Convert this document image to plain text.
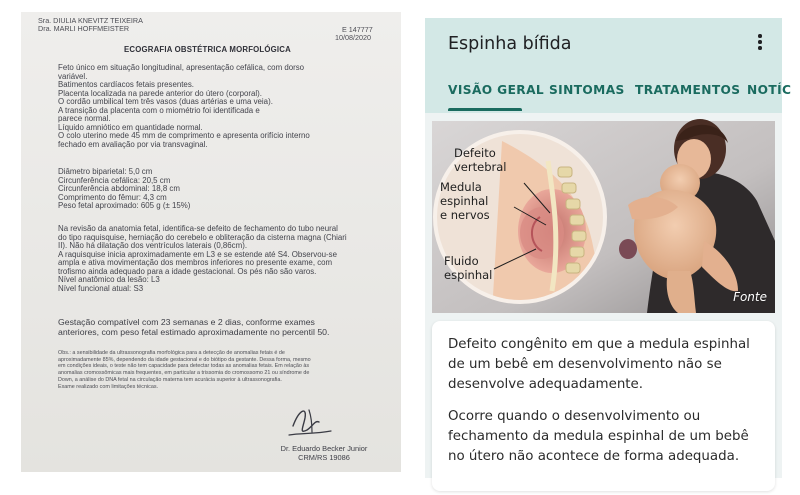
Sra. DIULIA KNEVITZ TEIXEIRA
Dra. MARLI HOFFMEISTER	E 147777
10/08/2020
ECOGRAFIA OBSTÉTRICA MORFOLÓGICA
Feto único em situação longitudinal, apresentação cefálica, com dorso
variável.
Batimentos cardíacos fetais presentes.
Placenta localizada na parede anterior do útero (corporal).
O cordão umbilical tem três vasos (duas artérias e uma veia).
A transição da placenta com o miométrio foi identificada e
parece normal.
Líquido amniótico em quantidade normal.
O colo uterino mede 45 mm de comprimento e apresenta orifício interno
fechado em avaliação por via transvaginal.
Diâmetro biparietal: 5,0 cm
Circunferência cefálica: 20,5 cm
Circunferência abdominal: 18,8 cm
Comprimento do fêmur: 4,3 cm
Peso fetal aproximado: 605 g (± 15%)
Na revisão da anatomia fetal, identifica-se defeito de fechamento do tubo neural
do tipo raquisquise, herniação do cerebelo e obliteração da cisterna magna (Chiari
II). Não há dilatação dos ventrículos laterais (0,86cm).
A raquisquise inicia aproximadamente em L3 e se estende até S4. Observou-se
ampla e ativa movimentação dos membros inferiores no presente exame, com
trofismo ainda adequado para a idade gestacional. Os pés não são varos.
Nível anatômico da lesão: L3
Nível funcional atual: S3
Gestação compatível com 23 semanas e 2 dias, conforme exames
anteriores, com peso fetal estimado aproximadamente no percentil 50.
Obs.: a sensibilidade da ultrassonografia morfológica para a detecção de anomalias fetais é de
aproximadamente 85%, dependendo da idade gestacional e do biótipo da gestante. Dessa forma, mesmo
em condições ideais, o teste não tem capacidade para detectar todas as anomalias fetais. Em relação às
anomalias cromossômicas mais frequentes, em particular a trissomia do cromossomo 21 ou síndrome de
Down, a análise do DNA fetal na circulação materna tem acurácia superior à ultrassonografia.
Exame realizado com limitações técnicas.
Dr. Eduardo Becker Junior
CRM/RS 19086
Espinha bífida
VISÃO GERAL SINTOMAS TRATAMENTOS NOTÍC
Defeito
vertebral
Medula
espinhal
e nervos
Fluido
espinhal
Fonte

Defeito congênito em que a medula espinhal de um bebê em desenvolvimento não se desenvolve adequadamente.

Ocorre quando o desenvolvimento ou fechamento da medula espinhal de um bebê no útero não acontece de forma adequada.
